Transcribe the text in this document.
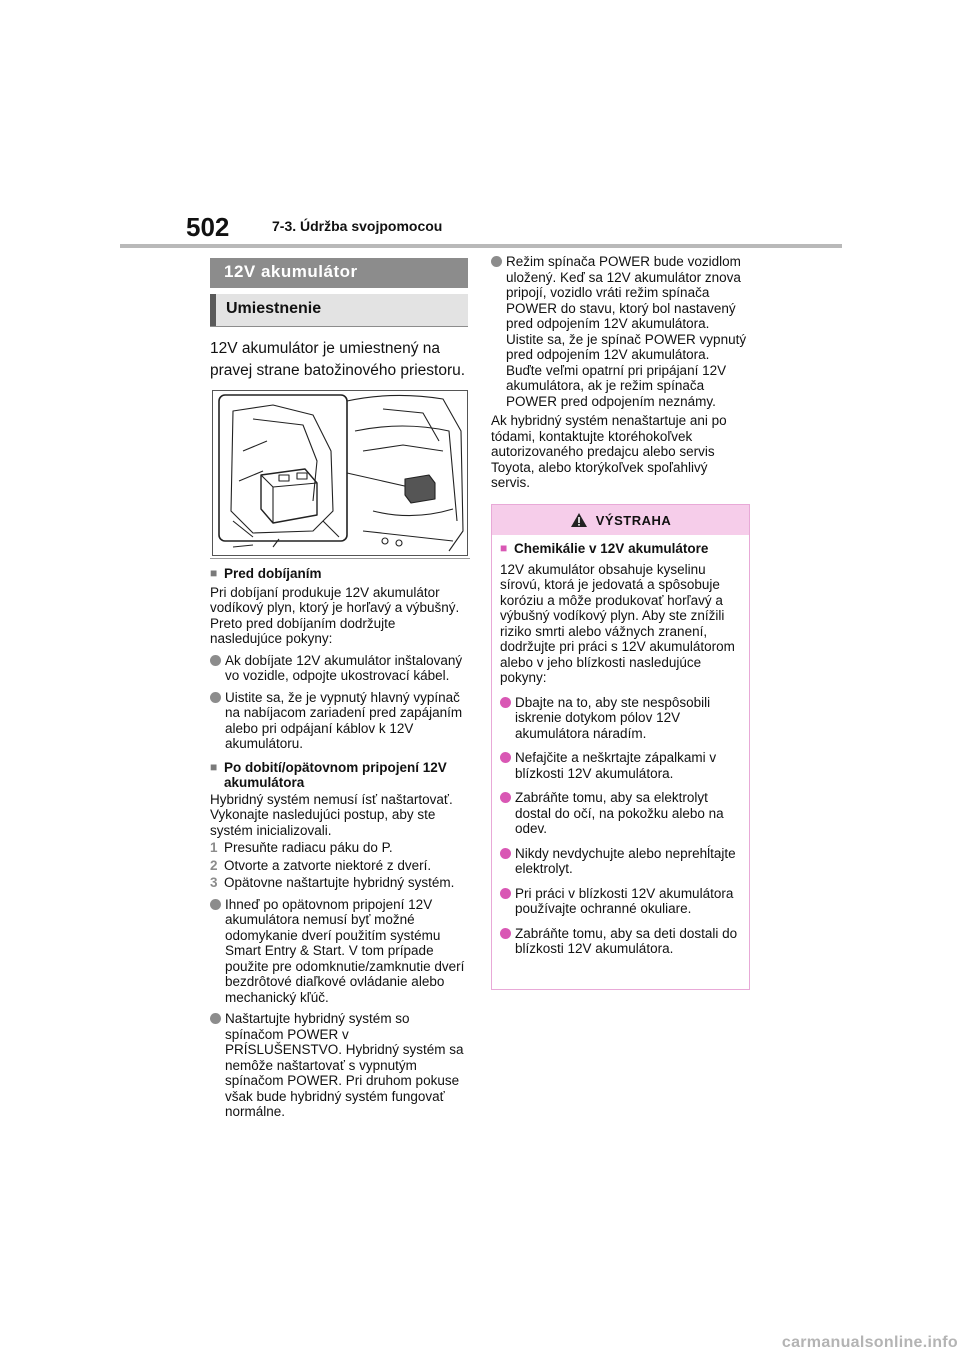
502	7-3. Údržba svojpomocou
12V akumulátor
Umiestnenie
12V akumulátor je umiestnený na pravej strane batožinového priestoru.
■ Pred dobíjaním

Pri dobíjaní produkuje 12V akumulátor vodíkový plyn, ktorý je horľavý a výbušný. Preto pred dobíjaním dodržujte nasledujúce pokyny:

Ak dobíjate 12V akumulátor inštalovaný vo vozidle, odpojte ukostrovací kábel.
Uistite sa, že je vypnutý hlavný vypínač na nabíjacom zariadení pred zapájaním alebo pri odpájaní káblov k 12V akumulátoru.
■ Po dobití/opätovnom pripojení 12V akumulátora

Hybridný systém nemusí ísť naštartovať. Vykonajte nasledujúci postup, aby ste systém inicializovali.

1 Presuňte radiacu páku do P.
2 Otvorte a zatvorte niektoré z dverí.
3 Opätovne naštartujte hybridný systém.
Ihneď po opätovnom pripojení 12V akumulátora nemusí byť možné odomykanie dverí použitím systému Smart Entry & Start. V tom prípade použite pre odomknutie/zamknutie dverí bezdrôtové diaľkové ovládanie alebo mechanický kľúč.
Naštartujte hybridný systém so spínačom POWER v PRÍSLUŠENSTVO. Hybridný systém sa nemôže naštartovať s vypnutým spínačom POWER. Pri druhom pokuse však bude hybridný systém fungovať normálne.
Režim spínača POWER bude vozidlom uložený. Keď sa 12V akumulátor znova pripojí, vozidlo vráti režim spínača POWER do stavu, ktorý bol nastavený pred odpojením 12V akumulátora. Uistite sa, že je spínač POWER vypnutý pred odpojením 12V akumulátora. Buďte veľmi opatrní pri pripájaní 12V akumulátora, ak je režim spínača POWER pred odpojením neznámy.

Ak hybridný systém nenaštartuje ani po tódami, kontaktujte ktoréhokoľvek autorizovaného predajcu alebo servis Toyota, alebo ktorýkoľvek spoľahlivý servis.

VÝSTRAHA
■ Chemikálie v 12V akumulátore

12V akumulátor obsahuje kyselinu sírovú, ktorá je jedovatá a spôsobuje koróziu a môže produkovať horľavý a výbušný vodíkový plyn. Aby ste znížili riziko smrti alebo vážnych zranení, dodržujte pri práci s 12V akumulátorom alebo v jeho blízkosti nasledujúce pokyny:

Dbajte na to, aby ste nespôsobili iskrenie dotykom pólov 12V akumulátora náradím.
Nefajčite a neškrtajte zápalkami v blízkosti 12V akumulátora.
Zabráňte tomu, aby sa elektrolyt dostal do očí, na pokožku alebo na odev.
Nikdy nevdychujte alebo neprehĺtajte elektrolyt.
Pri práci v blízkosti 12V akumulátora používajte ochranné okuliare.
Zabráňte tomu, aby sa deti dostali do blízkosti 12V akumulátora.
carmanualsonline.info
